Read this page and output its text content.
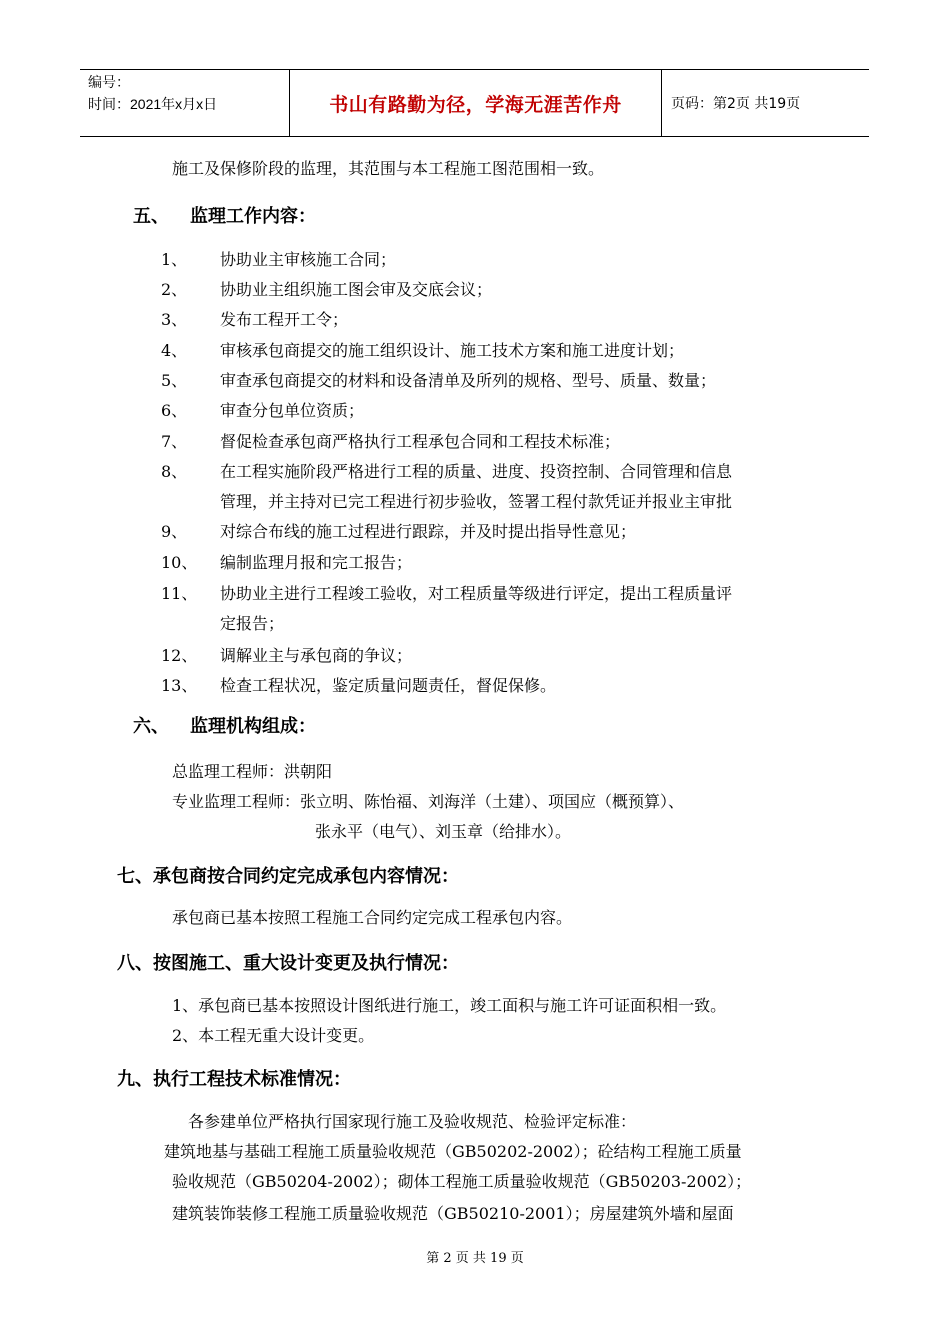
编号：
时间：2021年x月x日	书山有路勤为径，学海无涯苦作舟	页码：第2页 共19页
施工及保修阶段的监理，其范围与本工程施工图范围相一致。
五、 监理工作内容：
1、 协助业主审核施工合同；
2、 协助业主组织施工图会审及交底会议；
3、 发布工程开工令；
4、 审核承包商提交的施工组织设计、施工技术方案和施工进度计划；
5、 审查承包商提交的材料和设备清单及所列的规格、型号、质量、数量；
6、 审查分包单位资质；
7、 督促检查承包商严格执行工程承包合同和工程技术标准；
8、 在工程实施阶段严格进行工程的质量、进度、投资控制、合同管理和信息
管理，并主持对已完工程进行初步验收，签署工程付款凭证并报业主审批
9、 对综合布线的施工过程进行跟踪，并及时提出指导性意见；
10、 编制监理月报和完工报告；
11、 协助业主进行工程竣工验收，对工程质量等级进行评定，提出工程质量评
定报告；
12、 调解业主与承包商的争议；
13、 检查工程状况，鉴定质量问题责任，督促保修。
六、 监理机构组成：
总监理工程师：洪朝阳
专业监理工程师：张立明、陈怡福、刘海洋（土建）、项国应（概预算）、
张永平（电气）、刘玉章（给排水）。
七、承包商按合同约定完成承包内容情况：
承包商已基本按照工程施工合同约定完成工程承包内容。
八、按图施工、重大设计变更及执行情况：
1、承包商已基本按照设计图纸进行施工，竣工面积与施工许可证面积相一致。
2、本工程无重大设计变更。
九、执行工程技术标准情况：
各参建单位严格执行国家现行施工及验收规范、检验评定标准：
建筑地基与基础工程施工质量验收规范（GB50202-2002）；砼结构工程施工质量
验收规范（GB50204-2002）；砌体工程施工质量验收规范（GB50203-2002）；
建筑装饰装修工程施工质量验收规范（GB50210-2001）；房屋建筑外墙和屋面
第 2 页 共 19 页
